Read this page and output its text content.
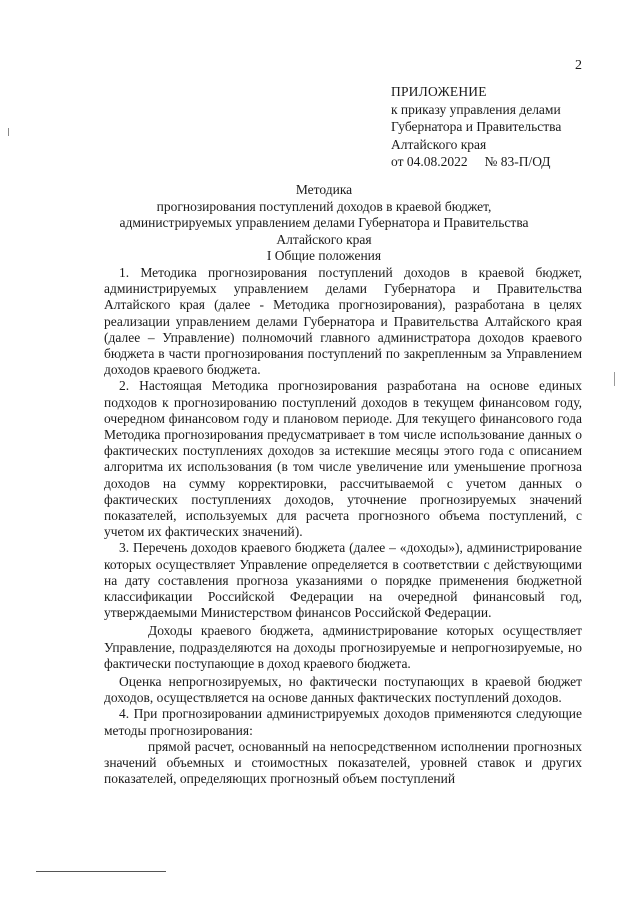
2
ПРИЛОЖЕНИЕ
к приказу управления делами
Губернатора и Правительства
Алтайского края
от 04.08.2022 № 83-П/ОД
Методика
прогнозирования поступлений доходов в краевой бюджет,
администрируемых управлением делами Губернатора и Правительства
Алтайского края
I Общие положения

1. Методика прогнозирования поступлений доходов в краевой бюджет, администрируемых управлением делами Губернатора и Правительства Алтайского края (далее - Методика прогнозирования), разработана в целях реализации управлением делами Губернатора и Правительства Алтайского края (далее – Управление) полномочий главного администратора доходов краевого бюджета в части прогнозирования поступлений по закрепленным за Управлением доходов краевого бюджета.

2. Настоящая Методика прогнозирования разработана на основе единых подходов к прогнозированию поступлений доходов в текущем финансовом году, очередном финансовом году и плановом периоде. Для текущего финансового года Методика прогнозирования предусматривает в том числе использование данных о фактических поступлениях доходов за истекшие месяцы этого года с описанием алгоритма их использования (в том числе увеличение или уменьшение прогноза доходов на сумму корректировки, рассчитываемой с учетом данных о фактических поступлениях доходов, уточнение прогнозируемых значений показателей, используемых для расчета прогнозного объема поступлений, с учетом их фактических значений).

3. Перечень доходов краевого бюджета (далее – «доходы»), администрирование которых осуществляет Управление определяется в соответствии с действующими на дату составления прогноза указаниями о порядке применения бюджетной классификации Российской Федерации на очередной финансовый год, утверждаемыми Министерством финансов Российской Федерации.

Доходы краевого бюджета, администрирование которых осуществляет Управление, подразделяются на доходы прогнозируемые и непрогнозируемые, но фактически поступающие в доход краевого бюджета.

Оценка непрогнозируемых, но фактически поступающих в краевой бюджет доходов, осуществляется на основе данных фактических поступлений доходов.

4. При прогнозировании администрируемых доходов применяются следующие методы прогнозирования:

прямой расчет, основанный на непосредственном исполнении прогнозных значений объемных и стоимостных показателей, уровней ставок и других показателей, определяющих прогнозный объем поступлений
